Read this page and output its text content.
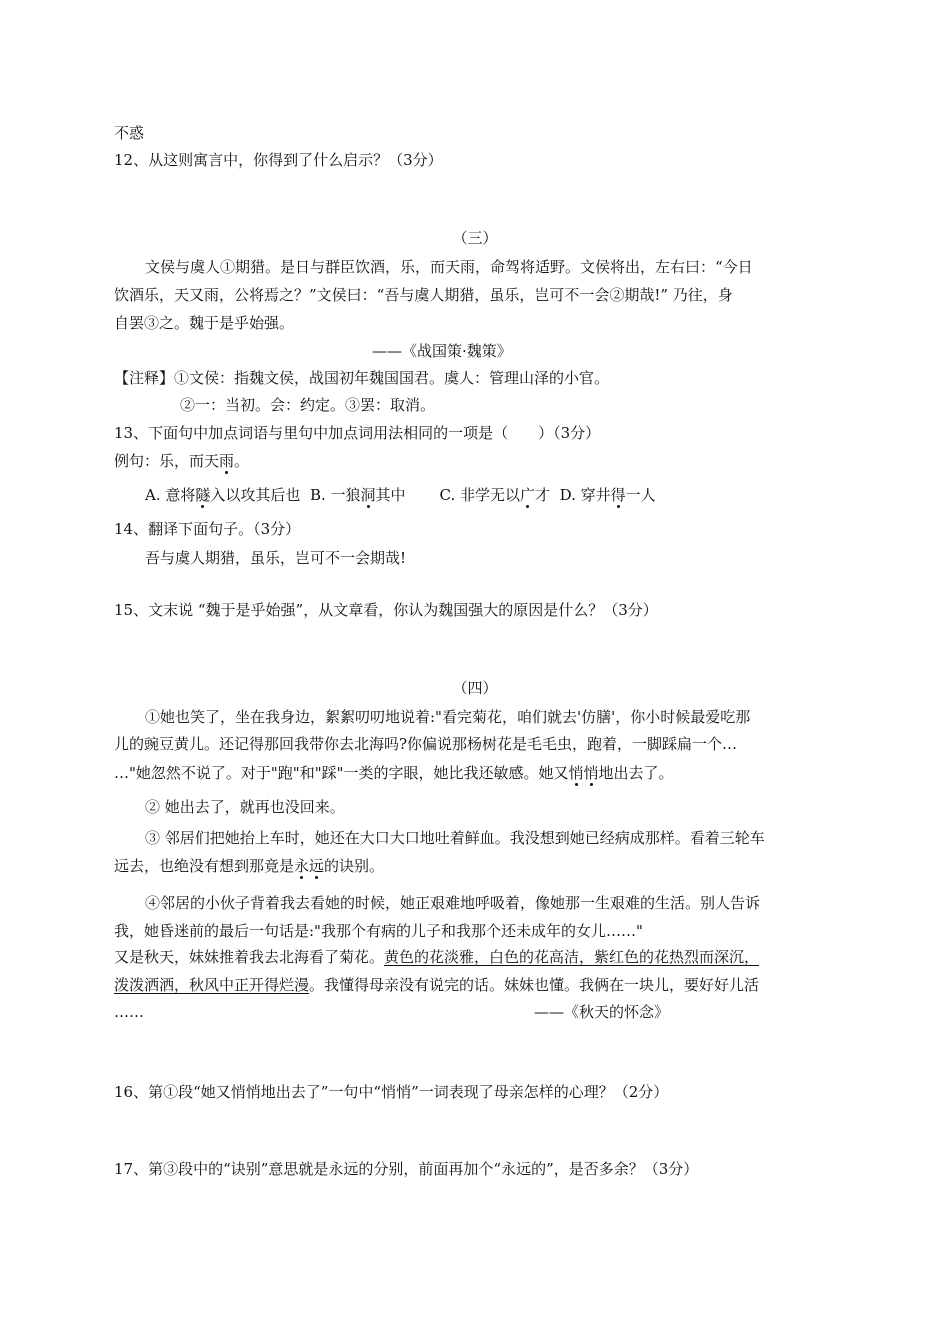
不惑
12、从这则寓言中，你得到了什么启示？（3分）
（三）
文侯与虞人①期猎。是日与群臣饮酒，乐，而天雨，命驾将适野。文侯将出，左右曰：“今日
饮酒乐，天又雨，公将焉之？”文侯曰：“吾与虞人期猎，虽乐，岂可不一会②期哉!” 乃往，身
自罢③之。魏于是乎始强。
——《战国策·魏策》
【注释】①文侯：指魏文侯，战国初年魏国国君。虞人：管理山泽的小官。
②一：当初。会：约定。③罢：取消。
13、下面句中加点词语与里句中加点词用法相同的一项是（　　）（3分）
例句：乐，而天雨。
A. 意将隧入以攻其后也 B. 一狼洞其中 C. 非学无以广才 D. 穿井得一人
14、翻译下面句子。（3分）
吾与虞人期猎，虽乐，岂可不一会期哉!
15、文末说 “魏于是乎始强”，从文章看，你认为魏国强大的原因是什么？（3分）
（四）
①她也笑了，坐在我身边，絮絮叨叨地说着:"看完菊花，咱们就去'仿膳'，你小时候最爱吃那
儿的豌豆黄儿。还记得那回我带你去北海吗?你偏说那杨树花是毛毛虫，跑着，一脚踩扁一个…
…"她忽然不说了。对于"跑"和"踩"一类的字眼，她比我还敏感。她又悄悄地出去了。
② 她出去了，就再也没回来。
③ 邻居们把她抬上车时，她还在大口大口地吐着鲜血。我没想到她已经病成那样。看着三轮车
远去，也绝没有想到那竟是永远的诀别。
④邻居的小伙子背着我去看她的时候，她正艰难地呼吸着，像她那一生艰难的生活。别人告诉
我，她昏迷前的最后一句话是:"我那个有病的儿子和我那个还未成年的女儿……"
又是秋天，妹妹推着我去北海看了菊花。黄色的花淡雅，白色的花高洁，紫红色的花热烈而深沉，
泼泼洒洒，秋风中正开得烂漫。我懂得母亲没有说完的话。妹妹也懂。我俩在一块儿，要好好儿活
……	——《秋天的怀念》
16、第①段“她又悄悄地出去了”一句中“悄悄”一词表现了母亲怎样的心理？（2分）
17、第③段中的“诀别”意思就是永远的分别，前面再加个“永远的”，是否多余？（3分）
